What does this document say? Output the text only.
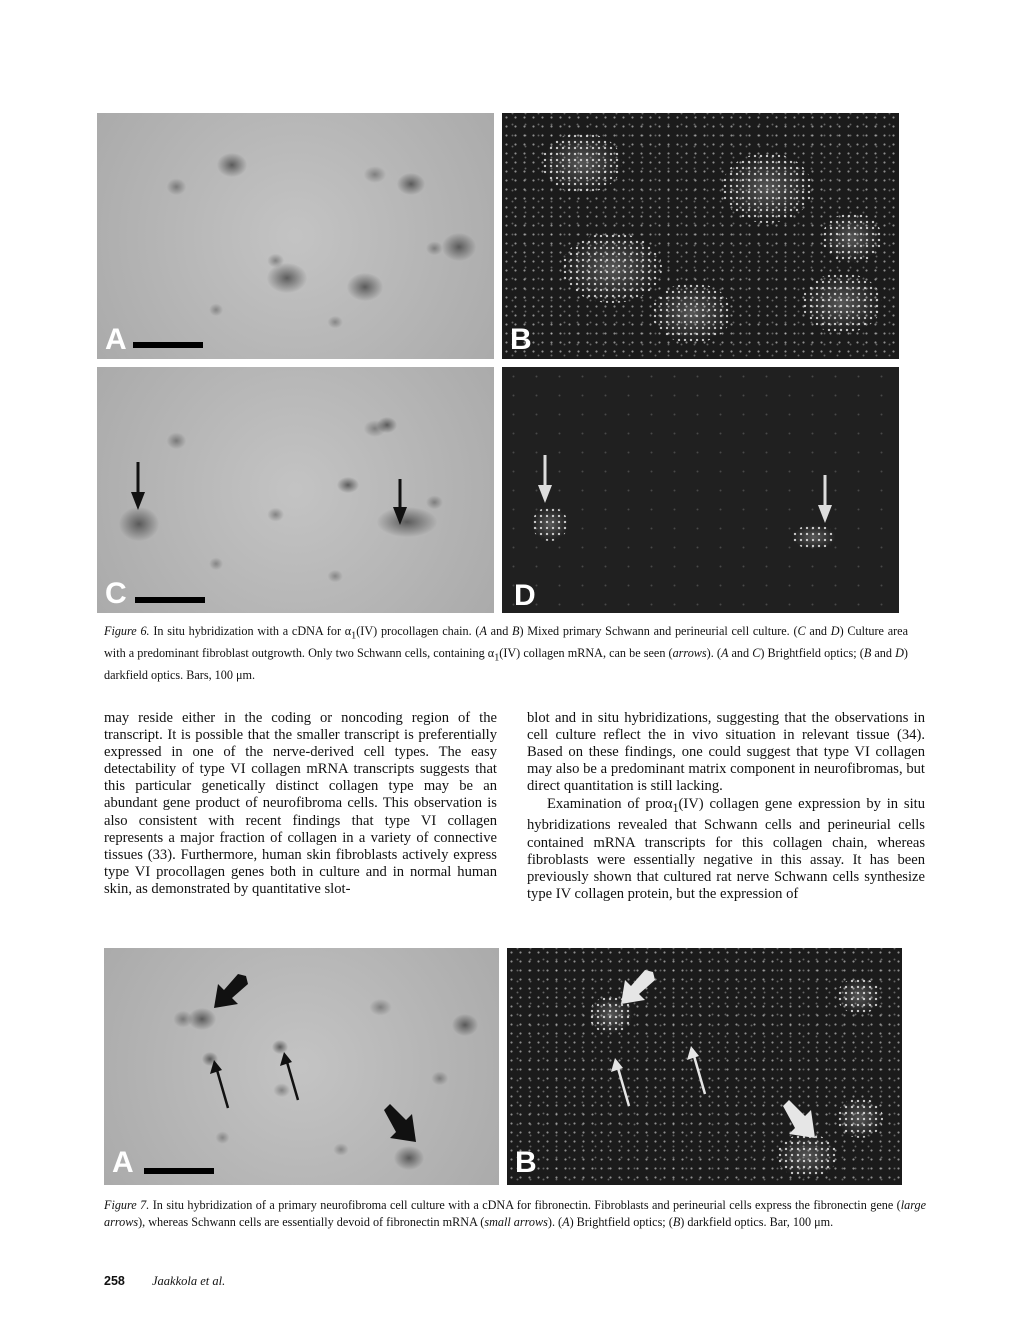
A	B
C	D

Figure 6. In situ hybridization with a cDNA for $\alpha_1(IV)$ procollagen chain. (A and B) Mixed primary Schwann and perineurial cell culture. (C and D) Culture area with a predominant fibroblast outgrowth. Only two Schwann cells, containing $\alpha_1(IV)$ collagen mRNA, can be seen (arrows). (A and C) Brightfield optics; (B and D) darkfield optics. Bars, 100 μm.

may reside either in the coding or noncoding region of the transcript. It is possible that the smaller transcript is preferentially expressed in one of the nerve-derived cell types. The easy detectability of type VI collagen mRNA transcripts suggests that this particular genetically distinct collagen type may be an abundant gene product of neurofibroma cells. This observation is also consistent with recent findings that type VI collagen represents a major fraction of collagen in a variety of connective tissues (33). Furthermore, human skin fibroblasts actively express type VI procollagen genes both in culture and in normal human skin, as demonstrated by quantitative slot-

blot and in situ hybridizations, suggesting that the observations in cell culture reflect the in vivo situation in relevant tissue (34). Based on these findings, one could suggest that type VI collagen may also be a predominant matrix component in neurofibromas, but direct quantitation is still lacking.

Examination of proα$_1$(IV) collagen gene expression by in situ hybridizations revealed that Schwann cells and perineurial cells contained mRNA transcripts for this collagen chain, whereas fibroblasts were essentially negative in this assay. It has been previously shown that cultured rat nerve Schwann cells synthesize type IV collagen protein, but the expression of

A	B

Figure 7. In situ hybridization of a primary neurofibroma cell culture with a cDNA for fibronectin. Fibroblasts and perineurial cells express the fibronectin gene (large arrows), whereas Schwann cells are essentially devoid of fibronectin mRNA (small arrows). (A) Brightfield optics; (B) darkfield optics. Bar, 100 μm.

258 Jaakkola et al.
